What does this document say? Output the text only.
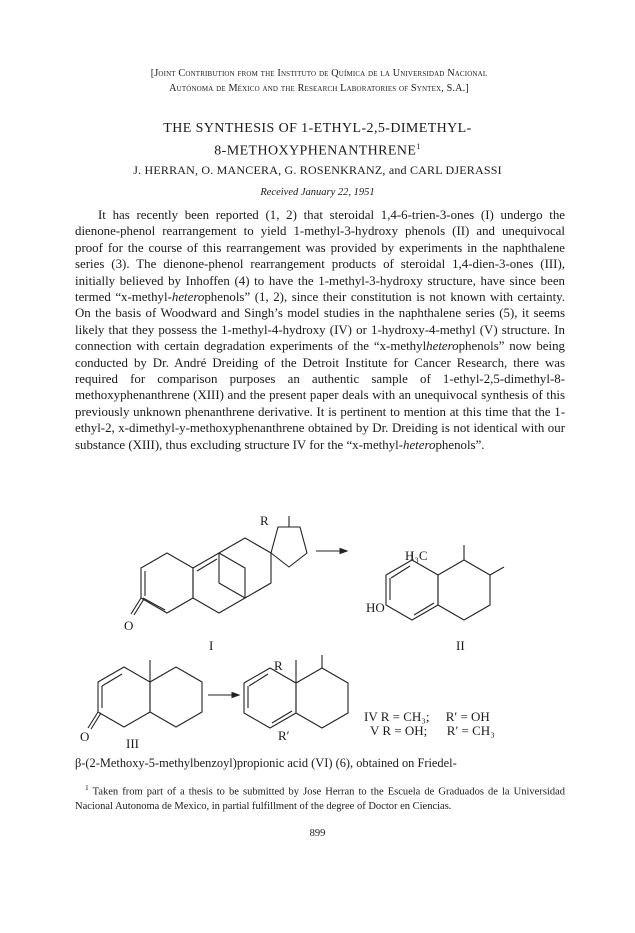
[Joint Contribution from the Instituto de Química de la Universidad Nacional
Autónoma de México and the Research Laboratories of Syntex, S.A.]
THE SYNTHESIS OF 1-ETHYL-2,5-DIMETHYL-
8-METHOXYPHENANTHRENE$^1$
J. HERRAN, O. MANCERA, G. ROSENKRANZ, and CARL DJERASSI
Received January 22, 1951

It has recently been reported (1, 2) that steroidal 1,4-6-trien-3-ones (I) undergo the dienone-phenol rearrangement to yield 1-methyl-3-hydroxy phenols (II) and unequivocal proof for the course of this rearrangement was provided by experiments in the naphthalene series (3). The dienone-phenol rearrangement products of steroidal 1,4-dien-3-ones (III), initially believed by Inhoffen (4) to have the 1-methyl-3-hydroxy structure, have since been termed “x-methyl-heterophenols” (1, 2), since their constitution is not known with certainty. On the basis of Woodward and Singh’s model studies in the naphthalene series (5), it seems likely that they possess the 1-methyl-4-hydroxy (IV) or 1-hydroxy-4-methyl (V) structure. In connection with certain degradation experiments of the “x-methylheterophenols” now being conducted by Dr. André Dreiding of the Detroit Institute for Cancer Research, there was required for comparison purposes an authentic sample of 1-ethyl-2,5-dimethyl-8-methoxyphenanthrene (XIII) and the present paper deals with an unequivocal synthesis of this previously unknown phenanthrene derivative. It is pertinent to mention at this time that the 1-ethyl-2, x-dimethyl-y-methoxyphenanthrene obtained by Dr. Dreiding is not identical with our substance (XIII), thus excluding structure IV for the “x-methyl-heterophenols”.

R
O
I
H₃C
HO
II
O	III
R
R′
IV R = CH₃;     R′ = OH
V R = OH;      R′ = CH₃

β-(2-Methoxy-5-methylbenzoyl)propionic acid (VI) (6), obtained on Friedel-

$^1$ Taken from part of a thesis to be submitted by Jose Herran to the Escuela de Graduados de la Universidad Nacional Autonoma de Mexico, in partial fulfillment of the degree of Doctor en Ciencias.

899
